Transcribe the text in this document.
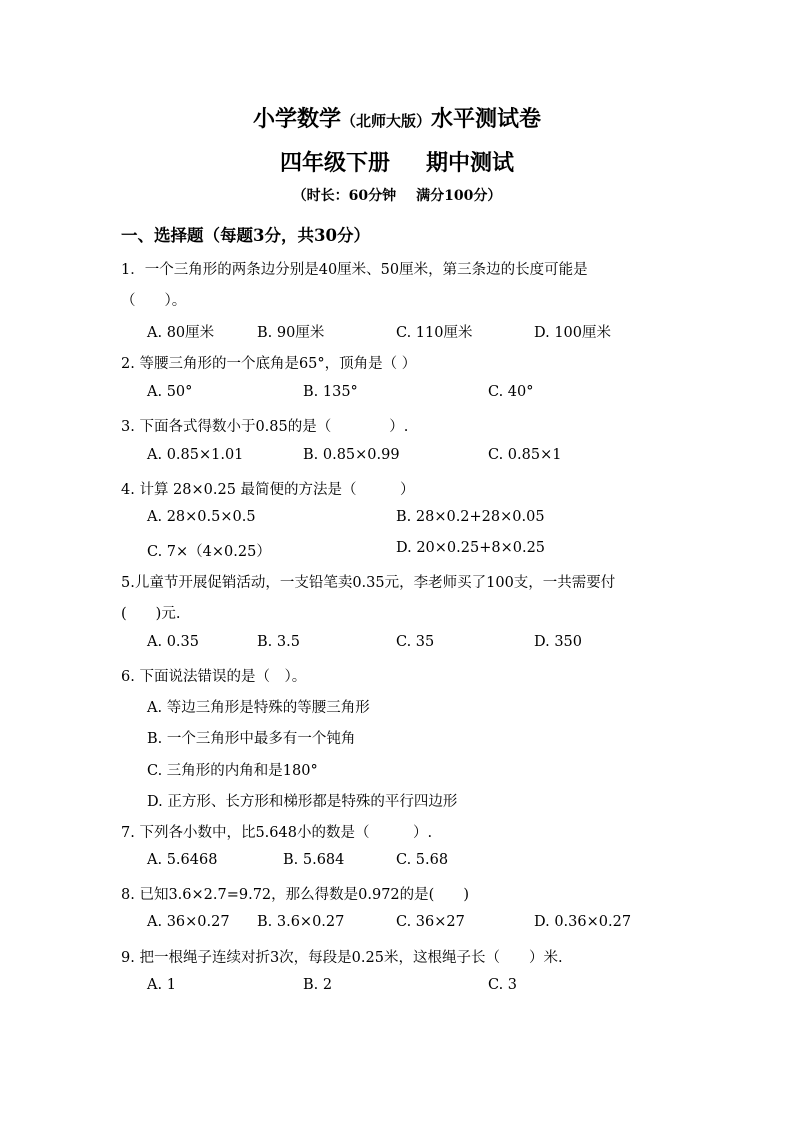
小学数学（北师大版）水平测试卷
四年级下册 期中测试
（时长：60分钟 满分100分）
一、选择题（每题3分，共30分）
1．一个三角形的两条边分别是40厘米、50厘米，第三条边的长度可能是
（　　）。
A. 80厘米	B. 90厘米	C. 110厘米	D. 100厘米
2. 等腰三角形的一个底角是65°，顶角是（ ）
A. 50°	B. 135°	C. 40°
3. 下面各式得数小于0.85的是（　　　　）.
A. 0.85×1.01	B. 0.85×0.99	C. 0.85×1
4. 计算 28×0.25 最简便的方法是（　　　）
A. 28×0.5×0.5	B. 28×0.2+28×0.05
C. 7×（4×0.25）	D. 20×0.25+8×0.25
5.儿童节开展促销活动，一支铅笔卖0.35元，李老师买了100支，一共需要付
(　　)元.
A. 0.35	B. 3.5	C. 35	D. 350
6. 下面说法错误的是（　）。
A. 等边三角形是特殊的等腰三角形
B. 一个三角形中最多有一个钝角
C. 三角形的内角和是180°
D. 正方形、长方形和梯形都是特殊的平行四边形
7. 下列各小数中，比5.648小的数是（　　　）.
A. 5.6468	B. 5.684	C. 5.68
8. 已知3.6×2.7=9.72，那么得数是0.972的是(　　)
A. 36×0.27 B. 3.6×0.27	C. 36×27	D. 0.36×0.27
9. 把一根绳子连续对折3次，每段是0.25米，这根绳子长（　　）米.
A. 1	B. 2	C. 3
